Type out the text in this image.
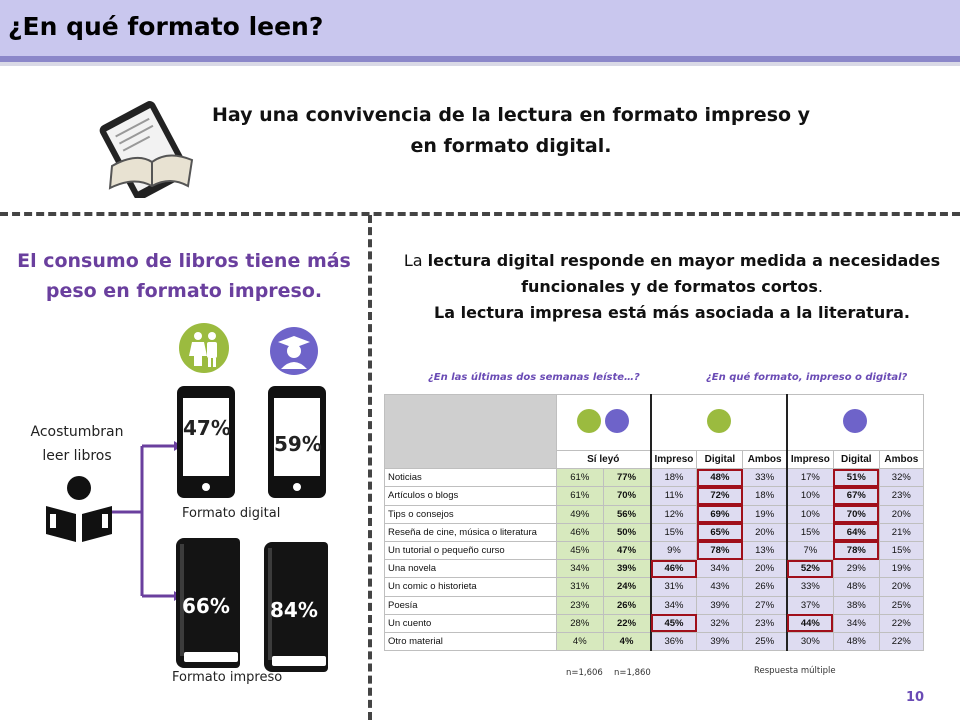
¿En qué formato leen?
Hay una convivencia de la lectura en formato impreso y en formato digital.
El consumo de libros tiene más peso en formato impreso.
La lectura digital responde en mayor medida a necesidades funcionales y de formatos cortos.
La lectura impresa está más asociada a la literatura.
Acostumbran leer libros
47%
59%
Formato digital
66%	84%
Formato impreso
¿En las últimas dos semanas leíste…?	¿En qué formato, impreso o digital?

	Sí leyó		Impreso	Digital	Ambos	Impreso	Digital	Ambos
Noticias	61%	77%	18%	48%	33%	17%	51%	32%
Artículos o blogs	61%	70%	11%	72%	18%	10%	67%	23%
Tips o consejos	49%	56%	12%	69%	19%	10%	70%	20%
Reseña de cine, música o literatura	46%	50%	15%	65%	20%	15%	64%	21%
Un tutorial o pequeño curso	45%	47%	9%	78%	13%	7%	78%	15%
Una novela	34%	39%	46%	34%	20%	52%	29%	19%
Un comic o historieta	31%	24%	31%	43%	26%	33%	48%	20%
Poesía	23%	26%	34%	39%	27%	37%	38%	25%
Un cuento	28%	22%	45%	32%	23%	44%	34%	22%
Otro material	4%	4%	36%	39%	25%	30%	48%	22%
n=1,606 n=1,860	Respuesta múltiple
10
